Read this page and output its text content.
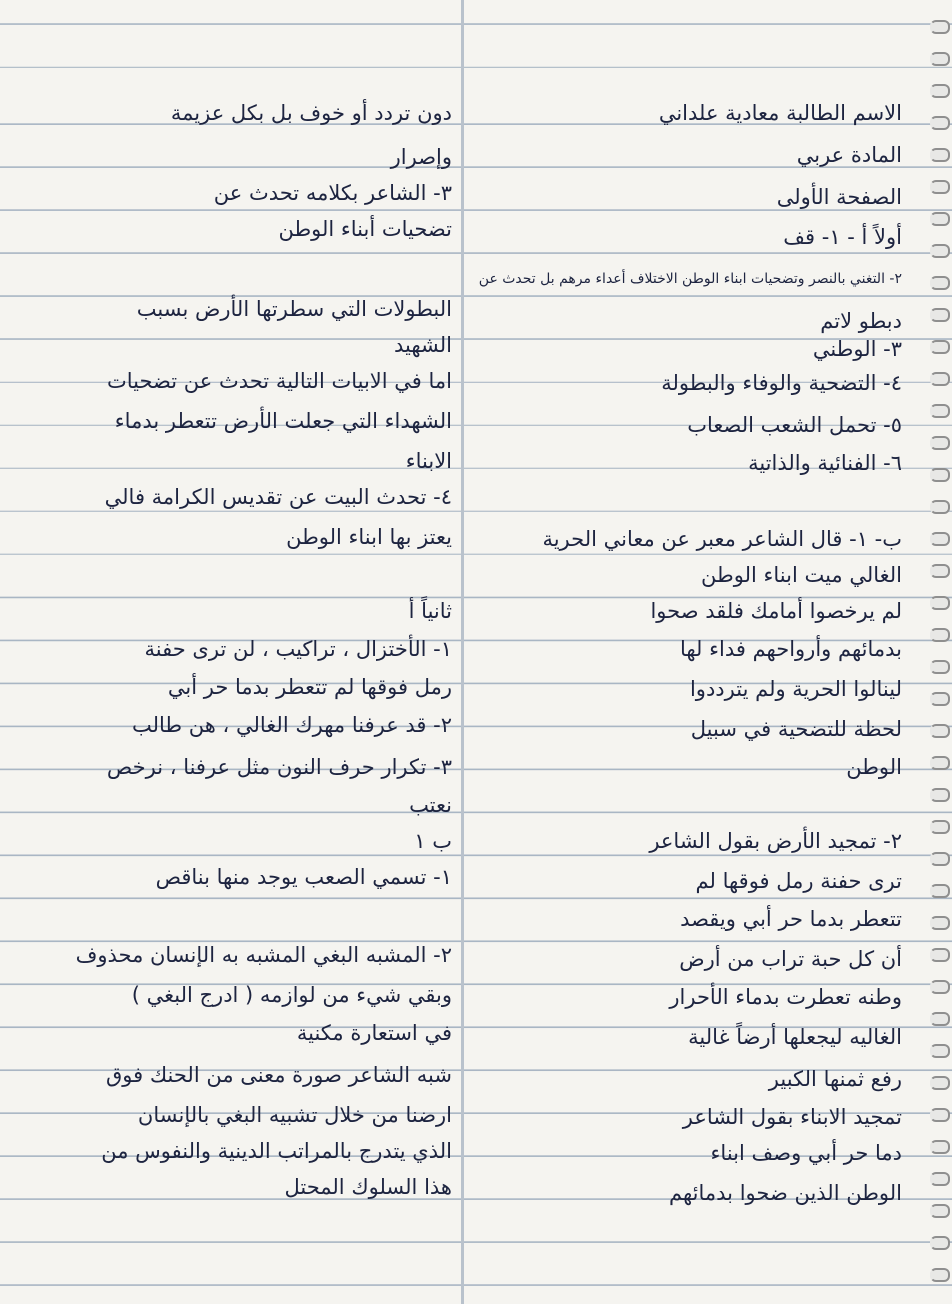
الاسم الطالبة معادية علداني
المادة عربي
الصفحة الأولى
أولاً أ - ١- قف
٢- التغني بالنصر وتضحيات ابناء الوطن الاختلاف أعداء مرهم بل تحدث عن
دبطو لاتم
٣- الوطني
٤- التضحية والوفاء والبطولة
٥- تحمل الشعب الصعاب
٦- الفنائية والذاتية
ب- ١- قال الشاعر معبر عن معاني الحرية
الغالي ميت ابناء الوطن
لم يرخصوا أمامك فلقد صحوا
بدمائهم وأرواحهم فداء لها
لينالوا الحرية ولم يترددوا
لحظة للتضحية في سبيل
الوطن
٢- تمجيد الأرض بقول الشاعر
ترى حفنة رمل فوقها لم
تتعطر بدما حر أبي ويقصد
أن كل حبة تراب من أرض
وطنه تعطرت بدماء الأحرار
الغاليه ليجعلها أرضاً غالية
رفع ثمنها الكبير
تمجيد الابناء بقول الشاعر
دما حر أبي وصف ابناء
الوطن الذين ضحوا بدمائهم
دون تردد أو خوف بل بكل عزيمة
وإصرار
٣- الشاعر بكلامه تحدث عن
تضحيات أبناء الوطن
البطولات التي سطرتها الأرض بسبب
الشهيد
اما في الابيات التالية تحدث عن تضحيات
الشهداء التي جعلت الأرض تتعطر بدماء
الابناء
٤- تحدث البيت عن تقديس الكرامة فالي
يعتز بها ابناء الوطن
ثانياً أ
١- الأختزال ، تراكيب ، لن ترى حفنة
رمل فوقها لم تتعطر بدما حر أبي
٢- قد عرفنا مهرك الغالي ، هن طالب
٣- تكرار حرف النون مثل عرفنا ، نرخص
نعتب
ب ١
١- تسمي الصعب يوجد منها بناقص
٢- المشبه البغي المشبه به الإنسان محذوف
وبقي شيء من لوازمه ( ادرج البغي )
في استعارة مكنية
شبه الشاعر صورة معنى من الحنك فوق
ارضنا من خلال تشبيه البغي بالإنسان
الذي يتدرج بالمراتب الدينية والنفوس من
هذا السلوك المحتل
